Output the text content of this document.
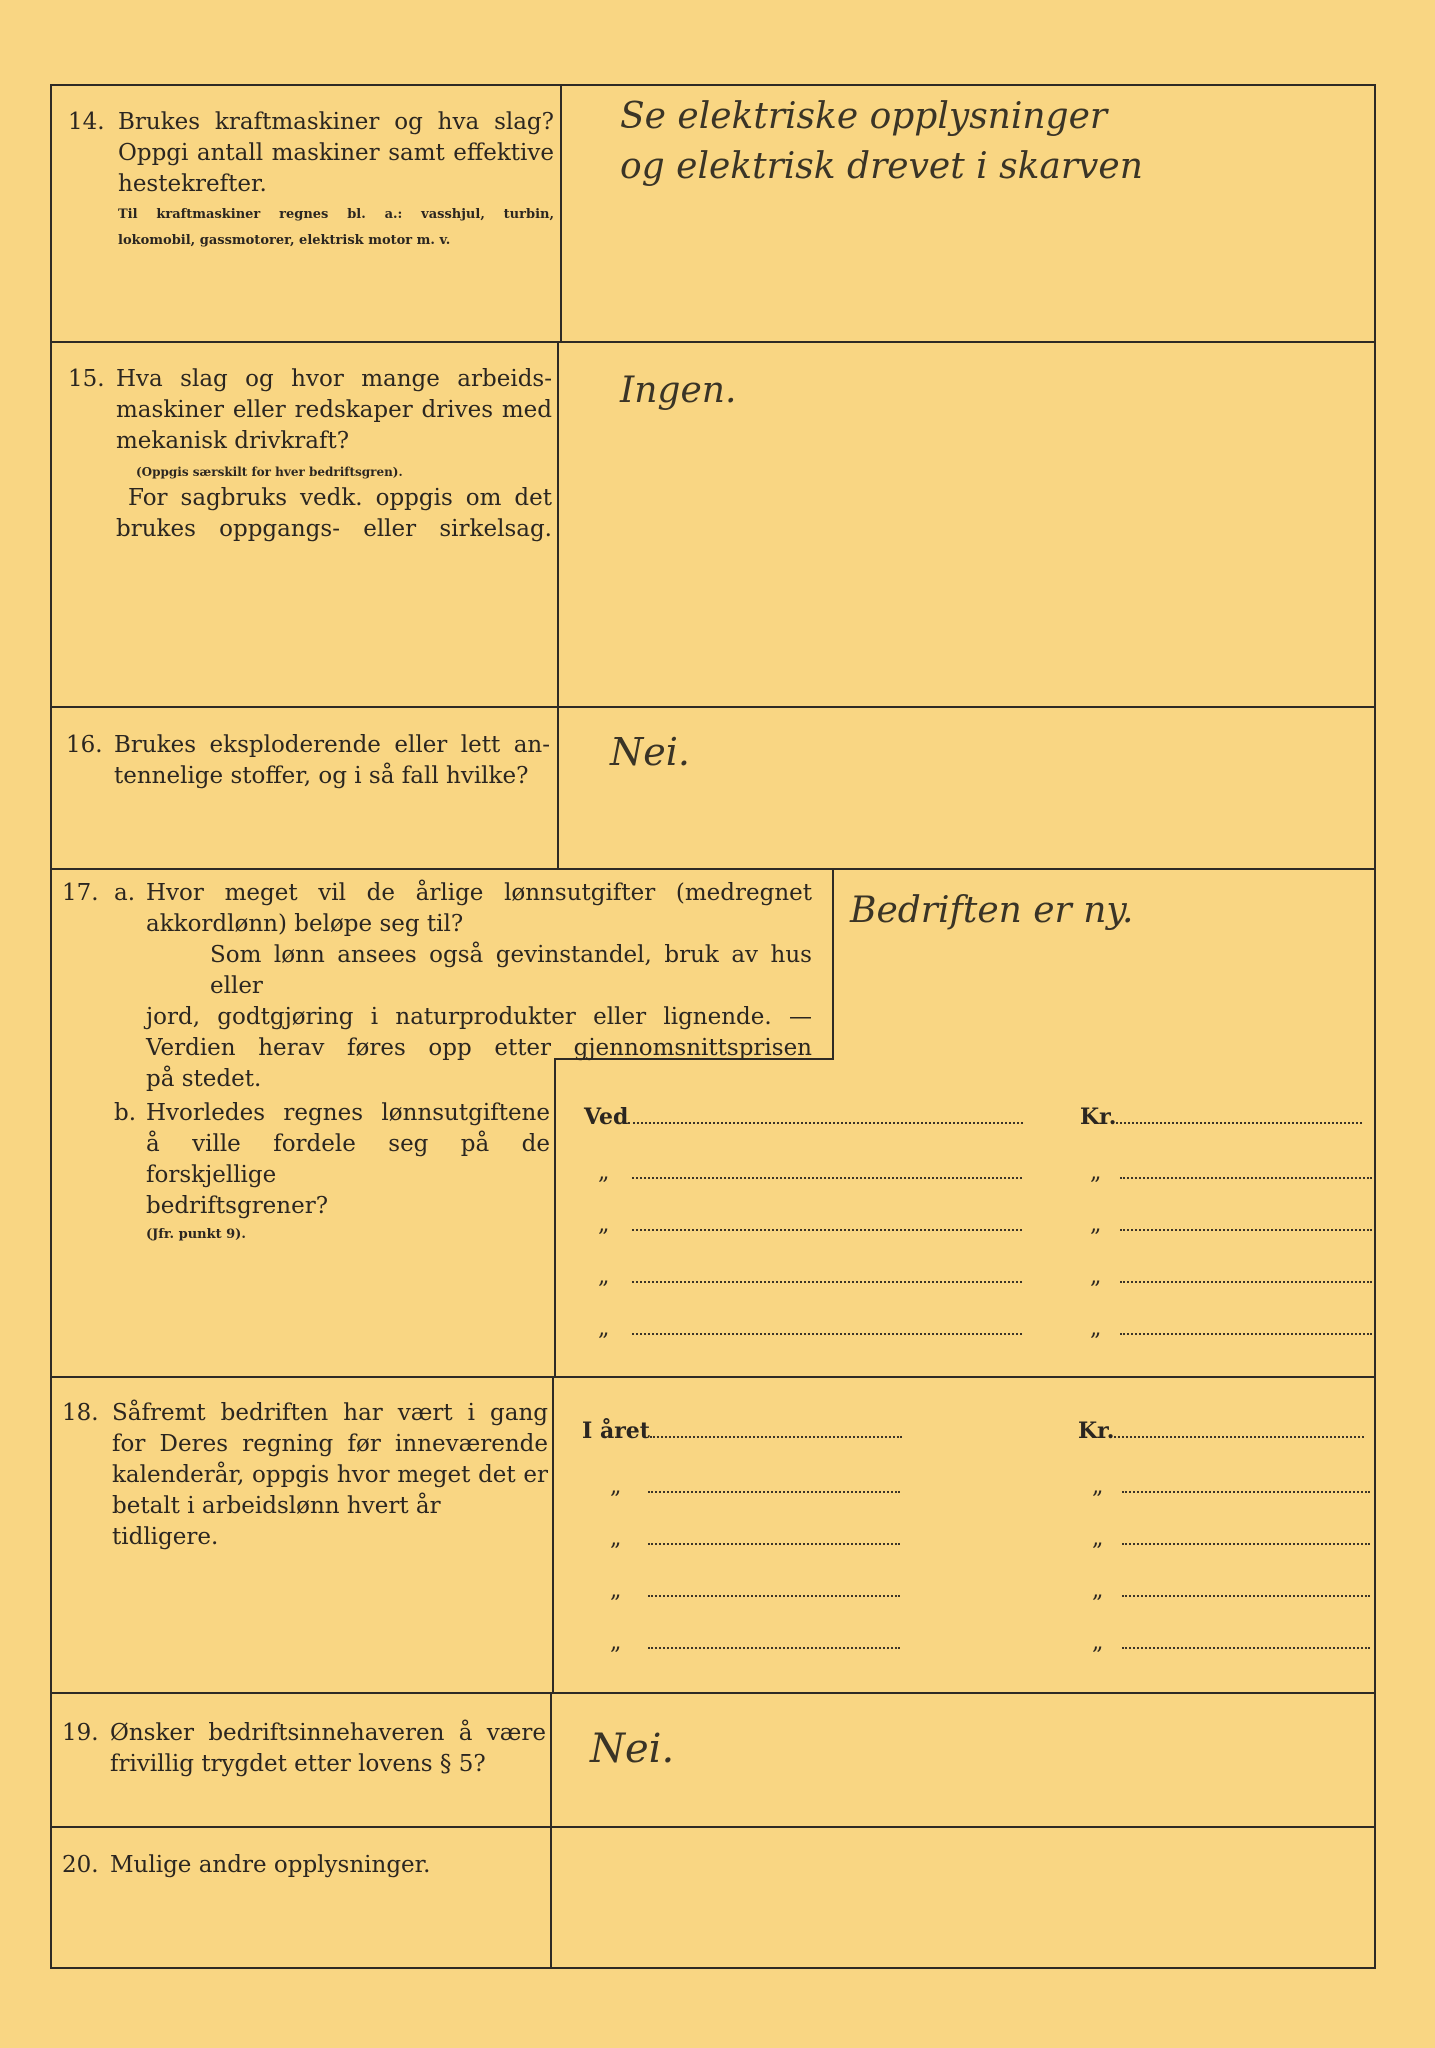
14. Brukes kraftmaskiner og hva slag?
Oppgi antall maskiner samt effektive
hestekrefter.
Til kraftmaskiner regnes bl. a.: vasshjul, turbin,
lokomobil, gassmotorer, elektrisk motor m. v.
Se elektriske opplysninger
og elektrisk drevet i skarven
15. Hva slag og hvor mange arbeids-
maskiner eller redskaper drives med
mekanisk drivkraft?
(Oppgis særskilt for hver bedriftsgren).
For sagbruks vedk. oppgis om det
brukes oppgangs- eller sirkelsag.
Ingen.
16. Brukes eksploderende eller lett an-
tennelige stoffer, og i så fall hvilke?
Nei.
17. a. Hvor meget vil de årlige lønnsutgifter (medregnet
akkordlønn) beløpe seg til?
Som lønn ansees også gevinstandel, bruk av hus eller
jord, godtgjøring i naturprodukter eller lignende. —
Verdien herav føres opp etter gjennomsnittsprisen
på stedet.
Bedriften er ny.
b. Hvorledes regnes lønnsutgiftene
å ville fordele seg på de forskjellige
bedriftsgrener?
(Jfr. punkt 9).
Ved	Kr.
„	„
„	„
„	„
„	„
18. Såfremt bedriften har vært i gang
for Deres regning før inneværende
kalenderår, oppgis hvor meget det er
betalt i arbeidslønn hvert år tidligere.
I året	Kr.
„	„
„	„
„	„
„	„
19. Ønsker bedriftsinnehaveren å være
frivillig trygdet etter lovens § 5?	Nei.
20. Mulige andre opplysninger.
